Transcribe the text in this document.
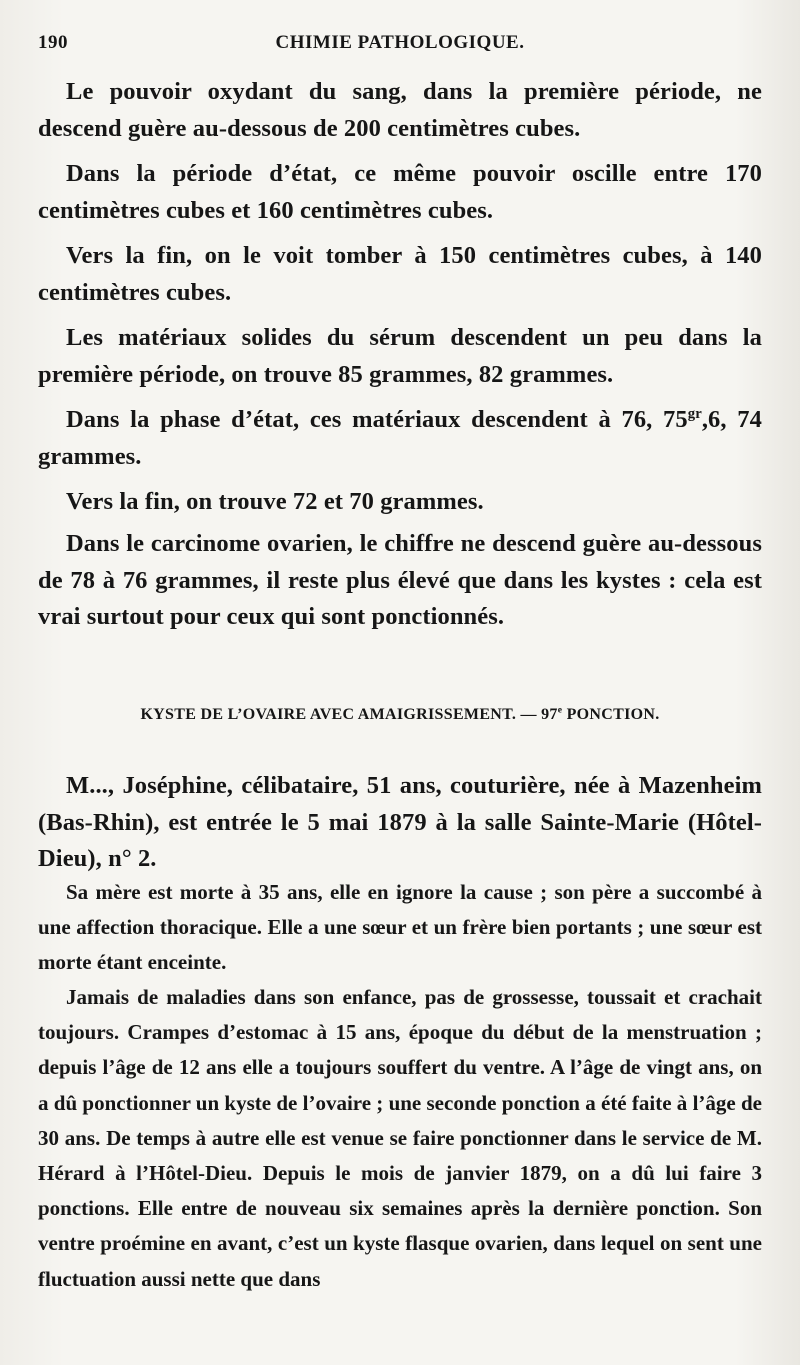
190	CHIMIE PATHOLOGIQUE.
Le pouvoir oxydant du sang, dans la première période, ne descend guère au-dessous de 200 centimètres cubes.
Dans la période d’état, ce même pouvoir oscille entre 170 centimètres cubes et 160 centimètres cubes.
Vers la fin, on le voit tomber à 150 centimètres cubes, à 140 centimètres cubes.
Les matériaux solides du sérum descendent un peu dans la première période, on trouve 85 grammes, 82 grammes.
Dans la phase d’état, ces matériaux descendent à 76, $75^{gr},6$, 74 grammes.
Vers la fin, on trouve 72 et 70 grammes.
Dans le carcinome ovarien, le chiffre ne descend guère au-dessous de 78 à 76 grammes, il reste plus élevé que dans les kystes : cela est vrai surtout pour ceux qui sont ponctionnés.
KYSTE DE L’OVAIRE AVEC AMAIGRISSEMENT. — 97e PONCTION.
M..., Joséphine, célibataire, 51 ans, couturière, née à Mazenheim (Bas-Rhin), est entrée le 5 mai 1879 à la salle Sainte-Marie (Hôtel-Dieu), n° 2.
Sa mère est morte à 35 ans, elle en ignore la cause ; son père a succombé à une affection thoracique. Elle a une sœur et un frère bien portants ; une sœur est morte étant enceinte.
Jamais de maladies dans son enfance, pas de grossesse, toussait et crachait toujours. Crampes d’estomac à 15 ans, époque du début de la menstruation ; depuis l’âge de 12 ans elle a toujours souffert du ventre. A l’âge de vingt ans, on a dû ponctionner un kyste de l’ovaire ; une seconde ponction a été faite à l’âge de 30 ans. De temps à autre elle est venue se faire ponctionner dans le service de M. Hérard à l’Hôtel-Dieu. Depuis le mois de janvier 1879, on a dû lui faire 3 ponctions. Elle entre de nouveau six semaines après la dernière ponction. Son ventre proémine en avant, c’est un kyste flasque ovarien, dans lequel on sent une fluctuation aussi nette que dans
